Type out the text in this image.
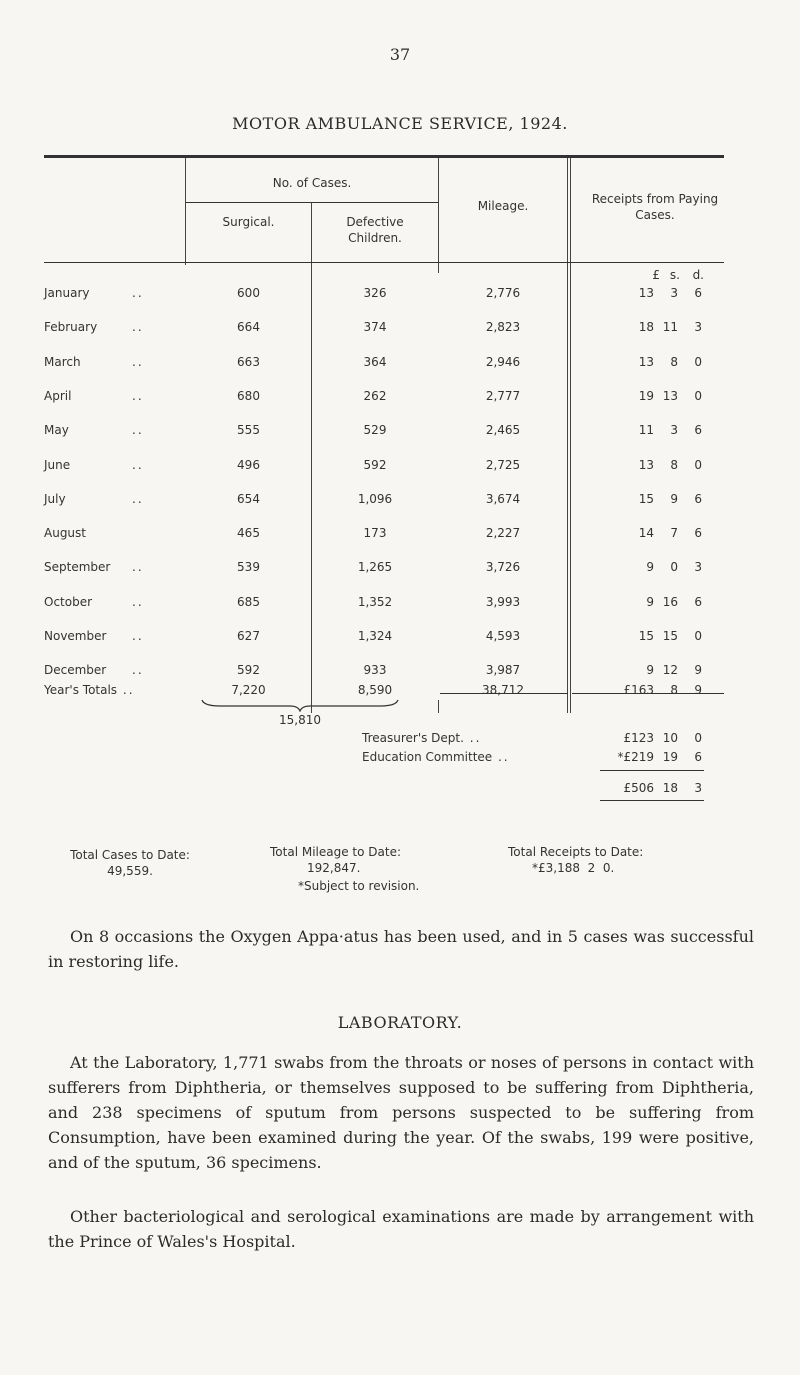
37
MOTOR AMBULANCE SERVICE, 1924.
No. of Cases.
Surgical.	Defective Children.
Mileage.	Receipts from Paying Cases.
£ s.	d.
January	..	600	326	2,776	13	3	6
February	..	664	374	2,823	18 11	3
March	..	663	364	2,946	13	8	0
April	..	680	262	2,777	19 13	0
May	..	555	529	2,465	11	3	6
June	..	496	592	2,725	13	8	0
July	..	654	1,096	3,674	15	9	6
August	465	173	2,227	14	7	6
September ..	539	1,265	3,726	9	0	3
October	..	685	1,352	3,993	9 16	6
November ..	627	1,324	4,593	15 15	0
December ..	592	933	3,987	9 12	9
Year's Totals ..	7,220	8,590	38,712	£163	8	9
15,810
Treasurer's Dept. ..	£123 10	0
Education Committee ..	*£219 19	6
£506 18	3
Total Cases to Date:
49,559.
Total Mileage to Date:
192,847.
Total Receipts to Date:
*£3,188  2  0.
*Subject to revision.
On 8 occasions the Oxygen Appa·atus has been used, and in 5 cases was successful in restoring life.
LABORATORY.
At the Laboratory, 1,771 swabs from the throats or noses of persons in contact with sufferers from Diphtheria, or themselves supposed to be suffering from Diphtheria, and 238 specimens of sputum from persons suspected to be suffering from Consumption, have been examined during the year. Of the swabs, 199 were positive, and of the sputum, 36 specimens.
Other bacteriological and serological examinations are made by arrangement with the Prince of Wales's Hospital.
